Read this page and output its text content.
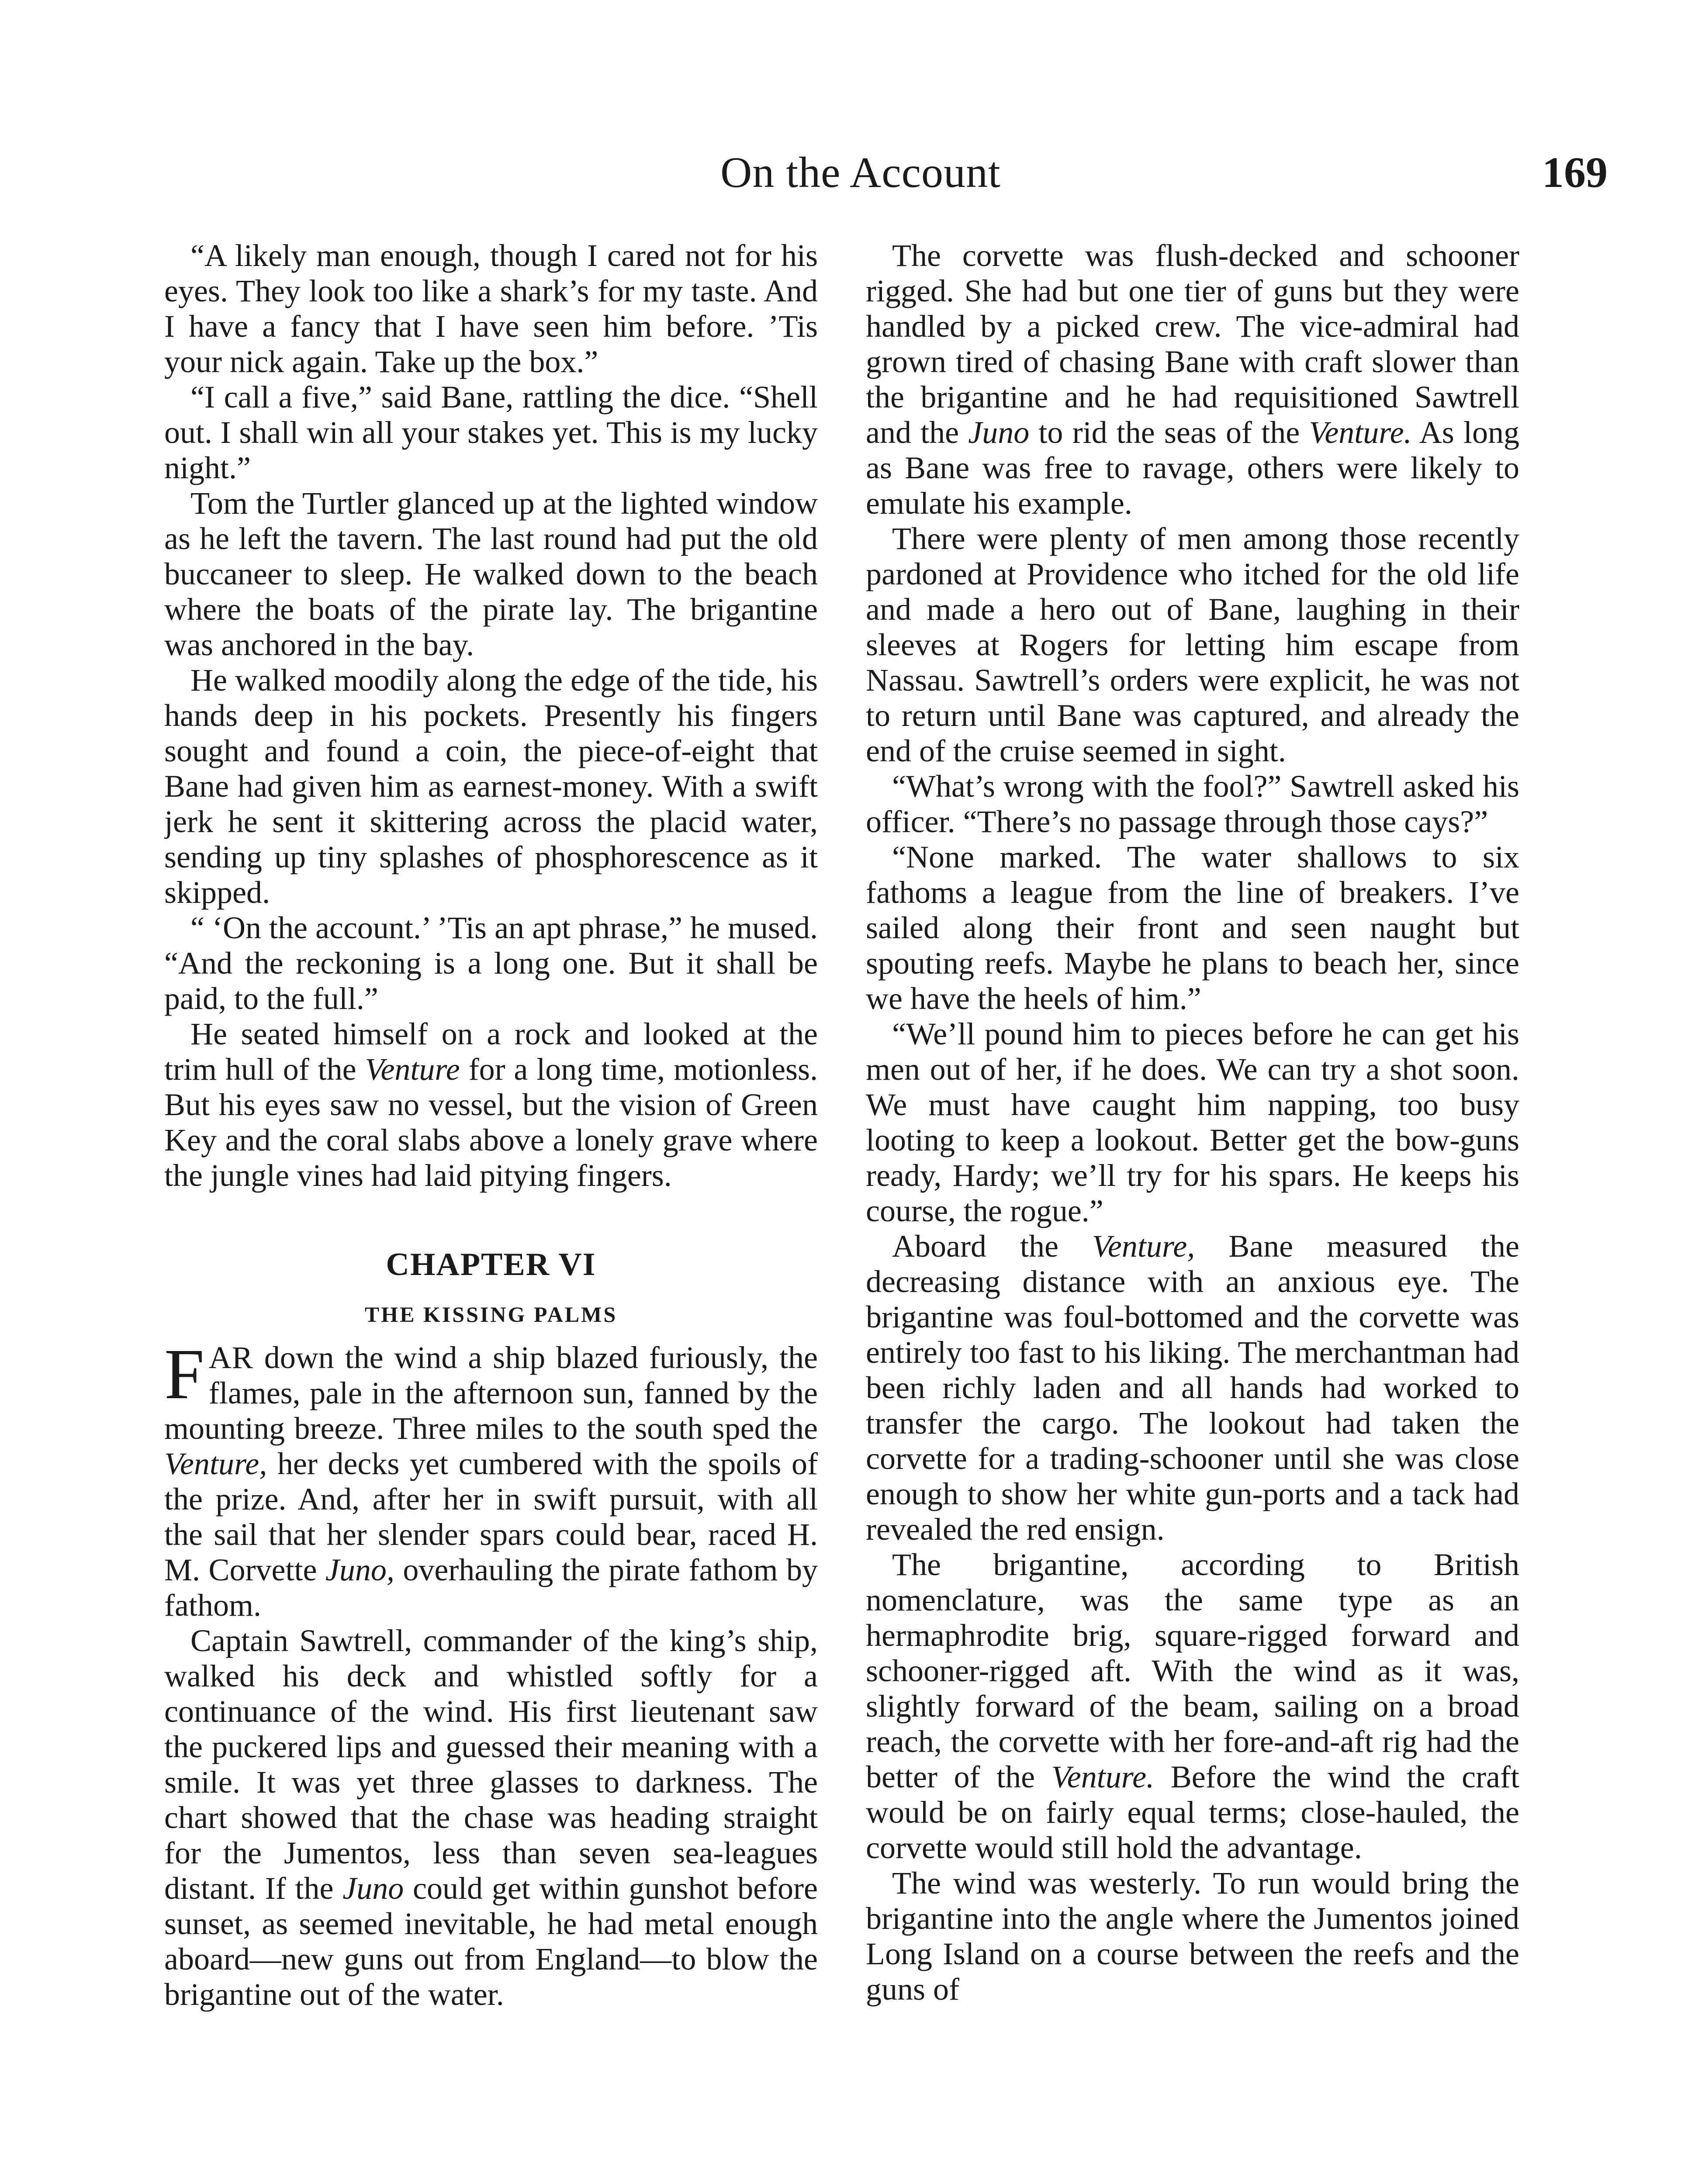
On the Account	169

“A likely man enough, though I cared not for his eyes. They look too like a shark’s for my taste. And I have a fancy that I have seen him before. ’Tis your nick again. Take up the box.”

“I call a five,” said Bane, rattling the dice. “Shell out. I shall win all your stakes yet. This is my lucky night.”

Tom the Turtler glanced up at the lighted window as he left the tavern. The last round had put the old buccaneer to sleep. He walked down to the beach where the boats of the pirate lay. The brigantine was anchored in the bay.

He walked moodily along the edge of the tide, his hands deep in his pockets. Presently his fingers sought and found a coin, the piece-of-eight that Bane had given him as earnest-money. With a swift jerk he sent it skittering across the placid water, sending up tiny splashes of phosphorescence as it skipped.

“ ‘On the account.’ ’Tis an apt phrase,” he mused. “And the reckoning is a long one. But it shall be paid, to the full.”

He seated himself on a rock and looked at the trim hull of the Venture for a long time, motionless. But his eyes saw no vessel, but the vision of Green Key and the coral slabs above a lonely grave where the jungle vines had laid pitying fingers.

CHAPTER VI
THE KISSING PALMS

FAR down the wind a ship blazed furiously, the flames, pale in the afternoon sun, fanned by the mounting breeze. Three miles to the south sped the Venture, her decks yet cumbered with the spoils of the prize. And, after her in swift pursuit, with all the sail that her slender spars could bear, raced H. M. Corvette Juno, overhauling the pirate fathom by fathom.

Captain Sawtrell, commander of the king’s ship, walked his deck and whistled softly for a continuance of the wind. His first lieutenant saw the puckered lips and guessed their meaning with a smile. It was yet three glasses to darkness. The chart showed that the chase was heading straight for the Jumentos, less than seven sea-leagues distant. If the Juno could get within gunshot before sunset, as seemed inevitable, he had metal enough aboard—new guns out from England—to blow the brigantine out of the water.

The corvette was flush-decked and schooner rigged. She had but one tier of guns but they were handled by a picked crew. The vice-admiral had grown tired of chasing Bane with craft slower than the brigantine and he had requisitioned Sawtrell and the Juno to rid the seas of the Venture. As long as Bane was free to ravage, others were likely to emulate his example.

There were plenty of men among those recently pardoned at Providence who itched for the old life and made a hero out of Bane, laughing in their sleeves at Rogers for letting him escape from Nassau. Sawtrell’s orders were explicit, he was not to return until Bane was captured, and already the end of the cruise seemed in sight.

“What’s wrong with the fool?” Sawtrell asked his officer. “There’s no passage through those cays?”

“None marked. The water shallows to six fathoms a league from the line of breakers. I’ve sailed along their front and seen naught but spouting reefs. Maybe he plans to beach her, since we have the heels of him.”

“We’ll pound him to pieces before he can get his men out of her, if he does. We can try a shot soon. We must have caught him napping, too busy looting to keep a lookout. Better get the bow-guns ready, Hardy; we’ll try for his spars. He keeps his course, the rogue.”

Aboard the Venture, Bane measured the decreasing distance with an anxious eye. The brigantine was foul-bottomed and the corvette was entirely too fast to his liking. The merchantman had been richly laden and all hands had worked to transfer the cargo. The lookout had taken the corvette for a trading-schooner until she was close enough to show her white gun-ports and a tack had revealed the red ensign.

The brigantine, according to British nomenclature, was the same type as an hermaphrodite brig, square-rigged forward and schooner-rigged aft. With the wind as it was, slightly forward of the beam, sailing on a broad reach, the corvette with her fore-and-aft rig had the better of the Venture. Before the wind the craft would be on fairly equal terms; close-hauled, the corvette would still hold the advantage.

The wind was westerly. To run would bring the brigantine into the angle where the Jumentos joined Long Island on a course between the reefs and the guns of
